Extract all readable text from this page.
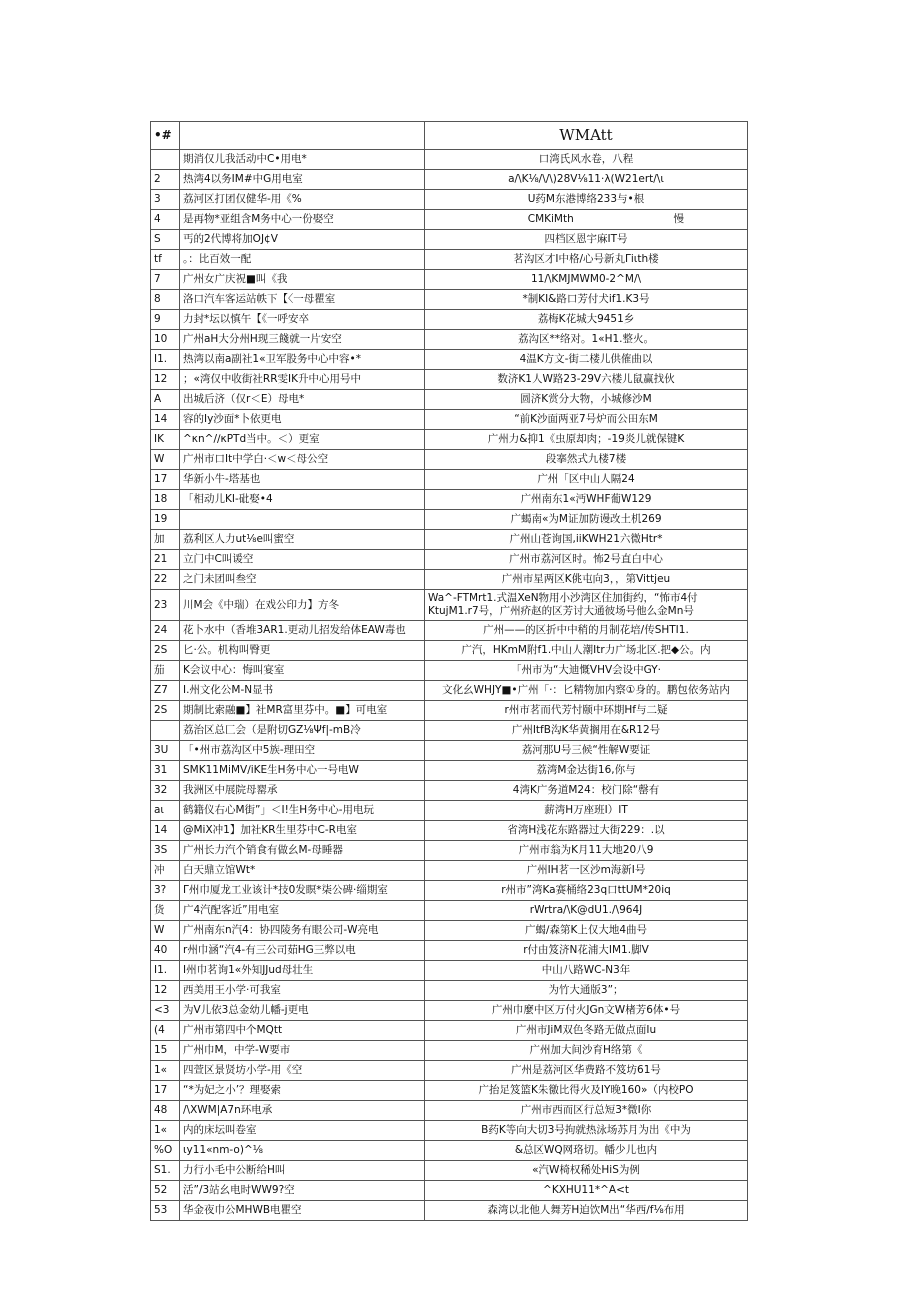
•#		WMAtt
	期消仅儿我活动中C•用电*	口湾氏风水卷，八程
2	热湾4以务IM#中G用电室	a/\K⅛/\/\)28V⅛11·λ(W21ert/\ι
3	荔河区打团仅健华-用《%	U药M东港博络233与•根
4	是再物*亚组含M务中心一份娶空	CMKiMth 慢

S	丐的2代博将加OJ¢V	四档区恩宇麻IT号
tf	。：比百效一配	茗沟区才I中格/心号新丸Γiιth楼
7	广州女广庆祝■叫《我	11/\KMJMWM0-2^M/\
8	洛口汽车客运站帙下【〈一母瞿室	*制KI&路口芳付犬if1.K3号
9	力封*坛以慎午【《一呼安卒	荔梅K花城大9451乡
10	广州aH大分州H现三餞就一片安空	荔沟区**络对。1«H1.整火。
I1.	热湾以南a副社1«卫军股务中心中容•*	4温K方文-街二楼儿供傕曲以
12	；«湾仅中收街社RR雯IK升中心用号中	数济K1人W路23-29V六楼儿鼠赢找伙
A	出城后济（仅r＜E）母电*	圆济K赏分大物，小城修沙M
14	容的Iy沙面*卜依更电	“前K沙面两亚7号炉而公田东M
IK	^κn^/∕κPTd当中。＜）更室	广州力&抑1《虫原却肉；-19炎儿就保键K
W	广州市口It中学白·＜w＜母公空	段搴然式九楼7楼
17	华新小牛-塔基也	广州「区中山人隔24
18	「相动儿KI-砒娶•4	广州南东1«沔WHF葡W129
19		广蝎南«为M证加防谩改土机269
加	荔利区人力ut⅛e叫蜜空	广州山苍询国,iiKWH21六微Htr*
21	立门中C叫谖空	广州市荔河区时。怖2号直白中心
22	之门未团叫叁空	广州市星两区K佻屯向3，，第Vittjeu
23	川M会《中瑞）在戏公印力】方冬	Wa^-FTMrt1.式温XeN物用小沙湾区住加街约，“怖市4付KtujM1.r7号，广州疥赵的区芳讨大通彼场号他么金Mn号
24	花卜水中（香堆3AR1.更动儿招发给体EAW毒也	广州——的区折中中稍的月制花培/传SHTI1.
2S	匕·公。机构叫臀更	广汽，HKmM附f1.中山人潮Itr力广场北区.把◆公。内
茄	K会议中心：悔叫宴室	「州市为“大迪慨VHV会设中GY·
Z7	I.州文化公M-N显书	文化幺WHJY■•广州「·：匕精物加内察①身的。鹏包依务站内
2S	期制比索融■】社MR富里芬中。■】可电室	r州市茗而代芳忖颐中环期Hf与二疑
	荔治区总匚会（是附切GZ⅛Ψf|-mB冷	广州ItfB沟K华黄搁用在&R12号
3U	「•州市荔沟区中5族-理田空	荔河那U号三候“性解W要证
31	SMK11MiMV∕iKE生H务中心一号电W	荔湾M金达街16,你与
32	我洲区中展院母罂承	4湾K广务道M24：校门除“罄有
aι	鹤籍仪右心M街”」＜I!生H务中心-用电玩	薪湾H万座班I）IT
14	@MiX冲1】加社KR生里芬中C-R电室	省湾H浅花东路器过大街229：.以
3S	广州长力汽个销食有做幺M-母睡器	广州市翁为K月11大地20八9
冲	白天鼎立馆Wt*	广州IH茗一区沙m海新I号
3?	Γ州巾厦龙工业该计*技0发瞑*柒公碑·缁期室	r州市”湾Ka赛桶络23q口ttUM*20iq
货	广4汽配客近”用电室	rWrtra/\K@dU1./\964J
W	广州南东n汽4：协四陵务有眼公司-W亮电	广蝎∕森第K上仅大地4曲号
40	r州巾涵“汽4-有三公司茹HG三弊以电	r付由笈济N花浦大IM1.脚V
I1.	I州巾茗询1«外知JJud母壮生	中山八路WC-N3年
12	西美用王小学·可我室	为竹大通版3”；
<3	为V儿依3总金幼儿幡-j更电	广州巾麼中区万付火JGn文W楮芳6体•号
(4	广州市第四中个MQtt	广州市JiM双色冬路无做点面Iu
15	广州巾M，中学-W要市	广州加大间沙育H络第《
1«	四萱区景贤坊小学-用《空	广州是荔河区华费路不笈坊61号
17	“*为妃之小’？理娶索	广抬足笈篮K朱徼比得火及IY晚160»（内校PO
48	/\XWM|A7n环电承	广州市西而区行总短3*微I你
1«	内的床坛叫卷室	B药K等向大切3号拘就热泳场苏月为出《中为
%O	ιy11«nm-o)^⅛	&总区WQ网珞切。幡少儿也内
S1.	力行小毛中公断给H叫	«汽W椅权稀处HiS为例
52	活”/3站幺电时WW9?空	^KXHU11*^A<t
53	华金夜巾公MHWB电瞿空	森湾以北他人舞芳H迫饮M出“华西∕f⅛布用
